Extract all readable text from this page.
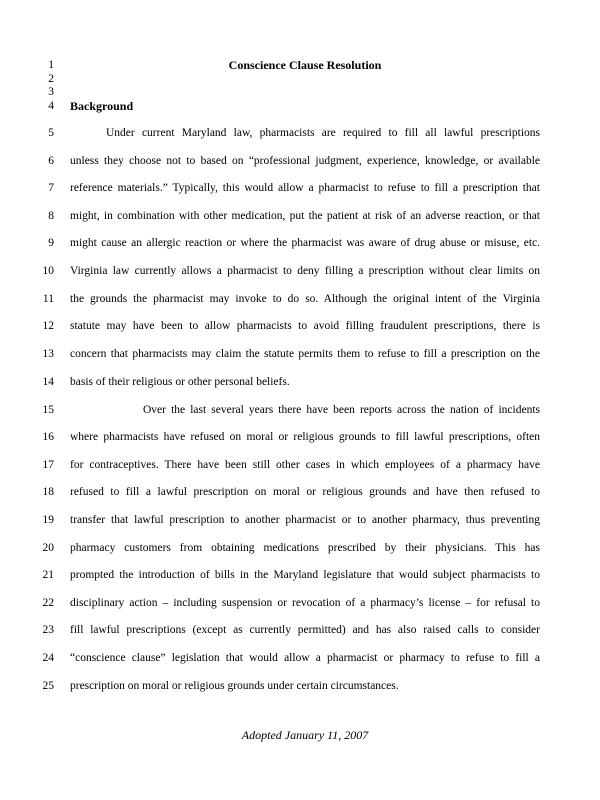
1
2
3
4
5
6
7
8
9
10
11
12
13
14
15
16
17
18
19
20
21
22
23
24
25
Conscience Clause Resolution
Background
Under current Maryland law, pharmacists are required to fill all lawful prescriptions
unless they choose not to based on “professional judgment, experience, knowledge, or available
reference materials.” Typically, this would allow a pharmacist to refuse to fill a prescription that
might, in combination with other medication, put the patient at risk of an adverse reaction, or that
might cause an allergic reaction or where the pharmacist was aware of drug abuse or misuse, etc.
Virginia law currently allows a pharmacist to deny filling a prescription without clear limits on
the grounds the pharmacist may invoke to do so. Although the original intent of the Virginia
statute may have been to allow pharmacists to avoid filling fraudulent prescriptions, there is
concern that pharmacists may claim the statute permits them to refuse to fill a prescription on the
basis of their religious or other personal beliefs.
Over the last several years there have been reports across the nation of incidents
where pharmacists have refused on moral or religious grounds to fill lawful prescriptions, often
for contraceptives. There have been still other cases in which employees of a pharmacy have
refused to fill a lawful prescription on moral or religious grounds and have then refused to
transfer that lawful prescription to another pharmacist or to another pharmacy, thus preventing
pharmacy customers from obtaining medications prescribed by their physicians. This has
prompted the introduction of bills in the Maryland legislature that would subject pharmacists to
disciplinary action – including suspension or revocation of a pharmacy’s license – for refusal to
fill lawful prescriptions (except as currently permitted) and has also raised calls to consider
“conscience clause” legislation that would allow a pharmacist or pharmacy to refuse to fill a
prescription on moral or religious grounds under certain circumstances.
Adopted January 11, 2007
